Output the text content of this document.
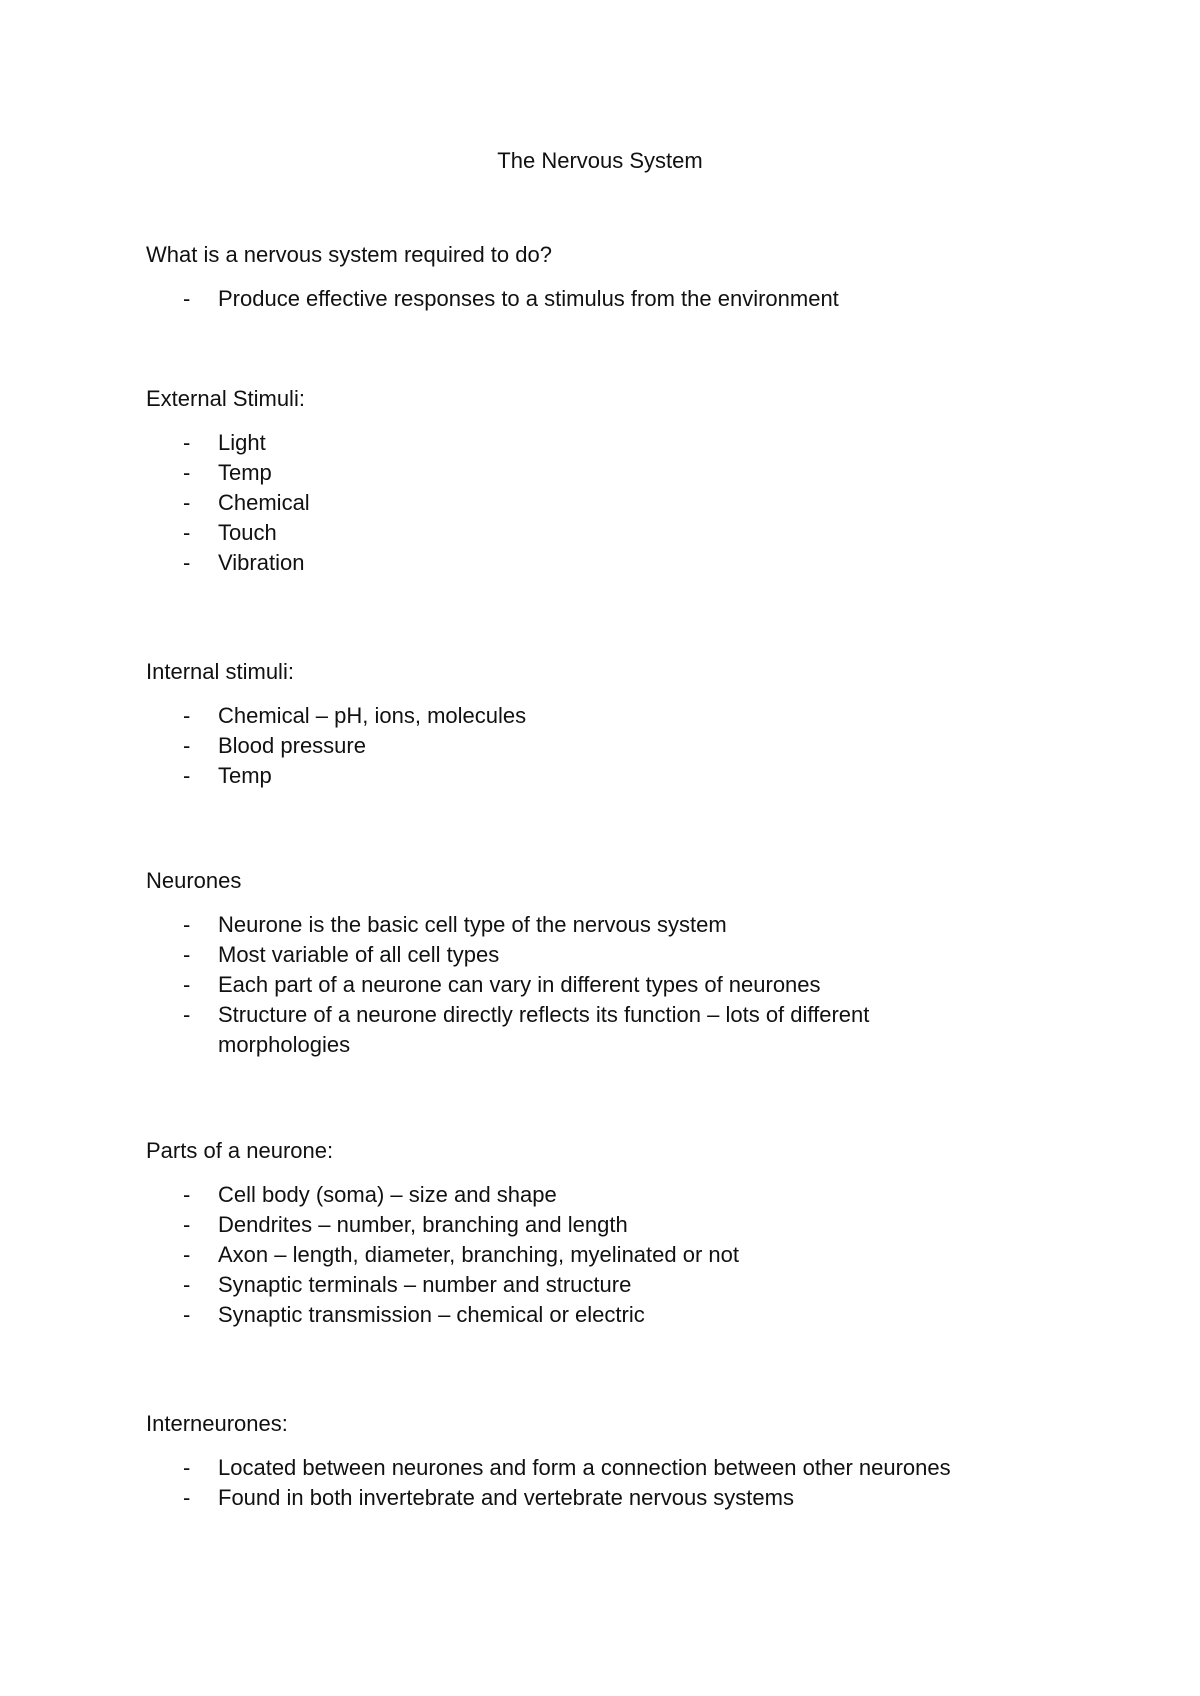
The Nervous System
What is a nervous system required to do?
- Produce effective responses to a stimulus from the environment
External Stimuli:
- Light
- Temp
- Chemical
- Touch
- Vibration
Internal stimuli:
- Chemical – pH, ions, molecules
- Blood pressure
- Temp
Neurones
- Neurone is the basic cell type of the nervous system
- Most variable of all cell types
- Each part of a neurone can vary in different types of neurones
- Structure of a neurone directly reflects its function – lots of different morphologies
Parts of a neurone:
- Cell body (soma) – size and shape
- Dendrites – number, branching and length
- Axon – length, diameter, branching, myelinated or not
- Synaptic terminals – number and structure
- Synaptic transmission – chemical or electric
Interneurones:
- Located between neurones and form a connection between other neurones
- Found in both invertebrate and vertebrate nervous systems
